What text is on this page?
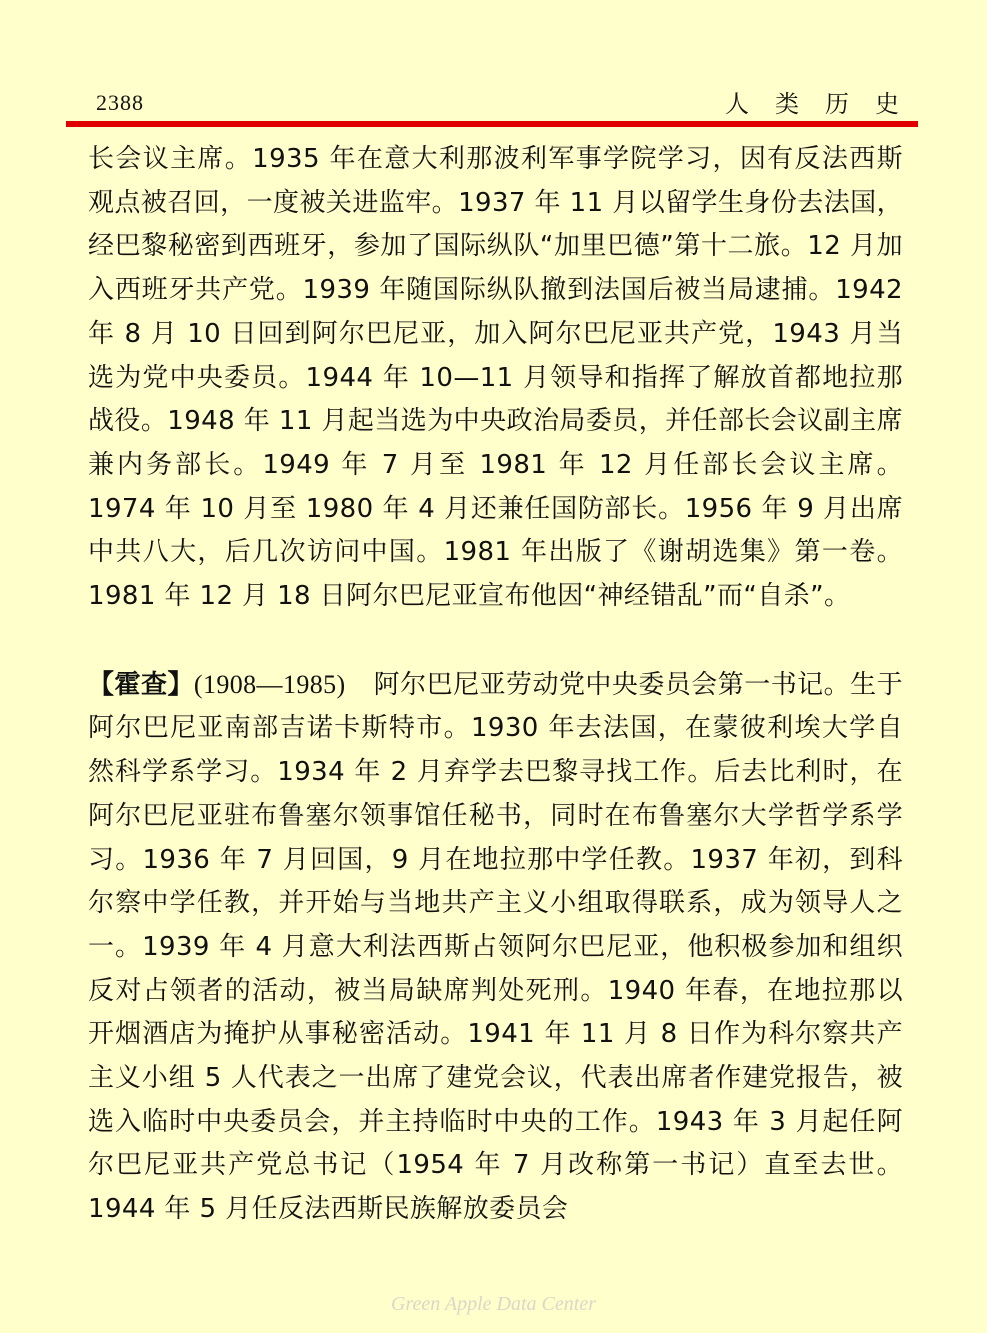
2388	人类历史

长会议主席。1935 年在意大利那波利军事学院学习，因有反法西斯观点被召回，一度被关进监牢。1937 年 11 月以留学生身份去法国，经巴黎秘密到西班牙，参加了国际纵队“加里巴德”第十二旅。12 月加入西班牙共产党。1939 年随国际纵队撤到法国后被当局逮捕。1942 年 8 月 10 日回到阿尔巴尼亚，加入阿尔巴尼亚共产党，1943 月当选为党中央委员。1944 年 10—11 月领导和指挥了解放首都地拉那战役。1948 年 11 月起当选为中央政治局委员，并任部长会议副主席兼内务部长。1949 年 7 月至 1981 年 12 月任部长会议主席。1974 年 10 月至 1980 年 4 月还兼任国防部长。1956 年 9 月出席中共八大，后几次访问中国。1981 年出版了《谢胡选集》第一卷。1981 年 12 月 18 日阿尔巴尼亚宣布他因“神经错乱”而“自杀”。

【霍查】(1908—1985) 阿尔巴尼亚劳动党中央委员会第一书记。生于阿尔巴尼亚南部吉诺卡斯特市。1930 年去法国，在蒙彼利埃大学自然科学系学习。1934 年 2 月弃学去巴黎寻找工作。后去比利时，在阿尔巴尼亚驻布鲁塞尔领事馆任秘书，同时在布鲁塞尔大学哲学系学习。1936 年 7 月回国，9 月在地拉那中学任教。1937 年初，到科尔察中学任教，并开始与当地共产主义小组取得联系，成为领导人之一。1939 年 4 月意大利法西斯占领阿尔巴尼亚，他积极参加和组织反对占领者的活动，被当局缺席判处死刑。1940 年春，在地拉那以开烟酒店为掩护从事秘密活动。1941 年 11 月 8 日作为科尔察共产主义小组 5 人代表之一出席了建党会议，代表出席者作建党报告，被选入临时中央委员会，并主持临时中央的工作。1943 年 3 月起任阿尔巴尼亚共产党总书记（1954 年 7 月改称第一书记）直至去世。1944 年 5 月任反法西斯民族解放委员会

Green Apple Data Center
